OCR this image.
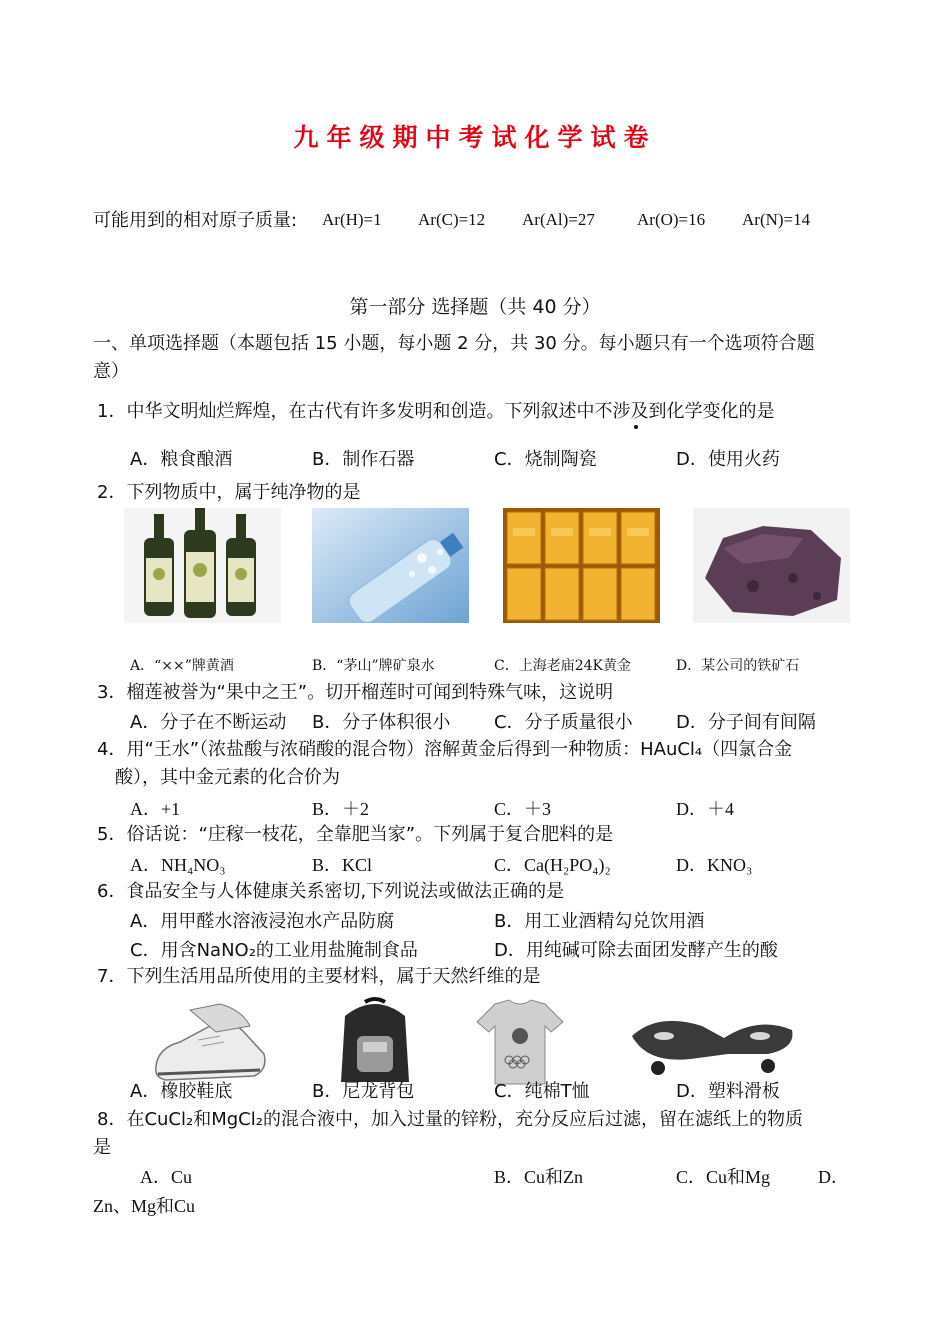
九年级期中考试化学试卷
可能用到的相对原子质量: Ar(H)=1 Ar(C)=12 Ar(Al)=27 Ar(O)=16 Ar(N)=14
第一部分 选择题（共 40 分）
一、单项选择题（本题包括 15 小题，每小题 2 分，共 30 分。每小题只有一个选项符合题
意）
1．中华文明灿烂辉煌，在古代有许多发明和创造。下列叙述中不涉及到化学变化的是
A．粮食酿酒	B．制作石器	C．烧制陶瓷	D．使用火药
2．下列物质中，属于纯净物的是
A．“××”牌黄酒	B．“茅山”牌矿泉水	C．上海老庙24K黄金	D．某公司的铁矿石
3．榴莲被誉为“果中之王”。切开榴莲时可闻到特殊气味，这说明
A．分子在不断运动 B．分子体积很小 C．分子质量很小 D．分子间有间隔
4．用“王水”（浓盐酸与浓硝酸的混合物）溶解黄金后得到一种物质：HAuCl₄（四氯合金
酸），其中金元素的化合价为
A．+1	B．＋2	C．＋3	D．＋4
5．俗话说：“庄稼一枝花，全靠肥当家”。下列属于复合肥料的是
A．NH₄NO₃	B．KCl	C．Ca(H₂PO₄)₂	D．KNO₃
6．食品安全与人体健康关系密切,下列说法或做法正确的是
A．用甲醛水溶液浸泡水产品防腐	B．用工业酒精勾兑饮用酒
C．用含NaNO₂的工业用盐腌制食品	D．用纯碱可除去面团发酵产生的酸
7．下列生活用品所使用的主要材料，属于天然纤维的是
A．橡胶鞋底	B．尼龙背包	C．纯棉T恤	D．塑料滑板
8．在CuCl₂和MgCl₂的混合液中，加入过量的锌粉，充分反应后过滤，留在滤纸上的物质
是
A．Cu	B．Cu和Zn	C．Cu和Mg	D．
Zn、Mg和Cu
